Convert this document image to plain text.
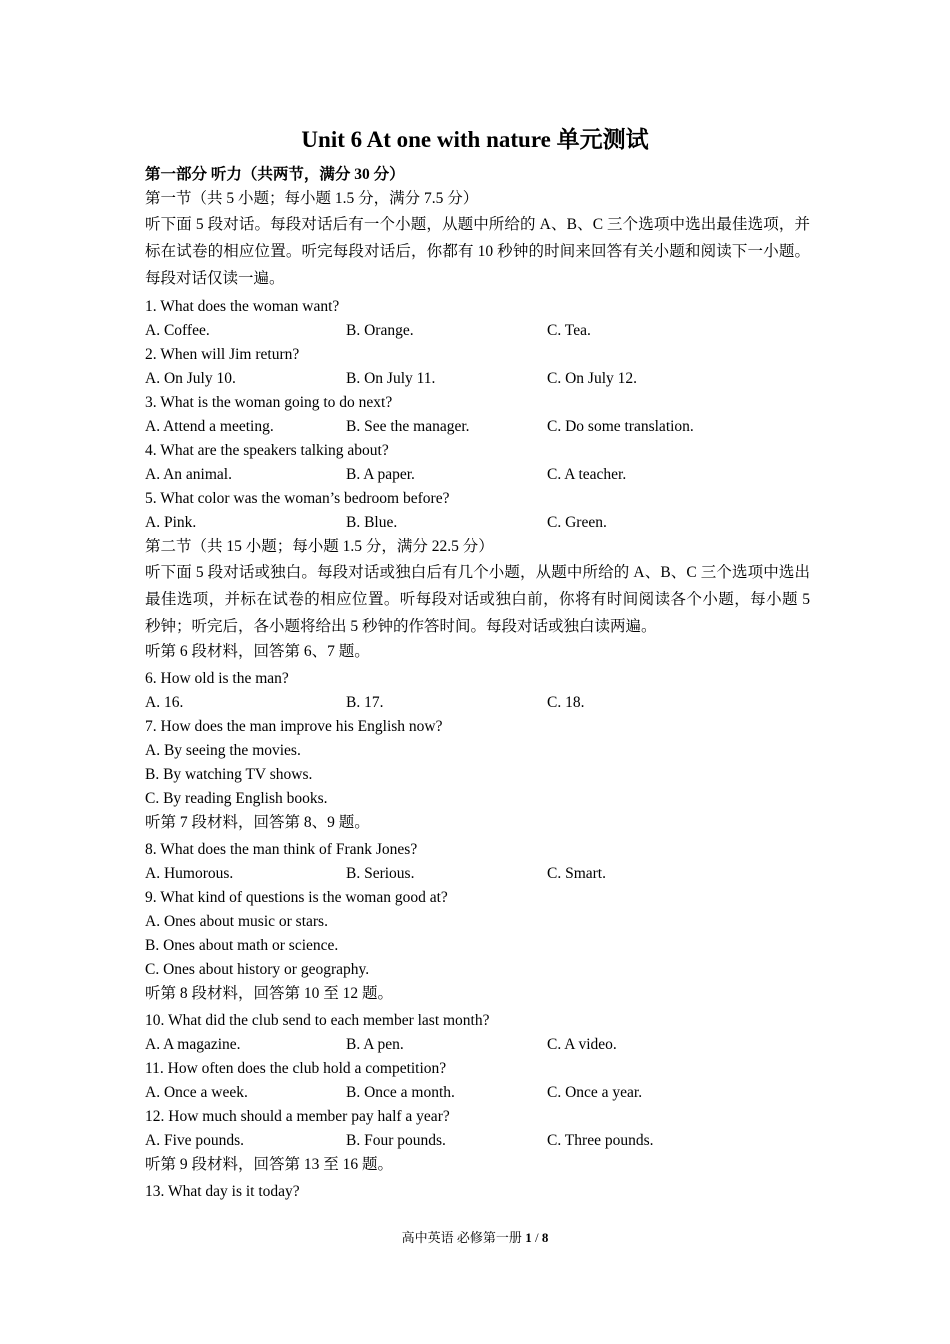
Unit 6 At one with nature 单元测试
第一部分 听力（共两节，满分 30 分）
第一节（共 5 小题；每小题 1.5 分，满分 7.5 分）
听下面 5 段对话。每段对话后有一个小题，从题中所给的 A、B、C 三个选项中选出最佳选项，并标在试卷的相应位置。听完每段对话后，你都有 10 秒钟的时间来回答有关小题和阅读下一小题。每段对话仅读一遍。
1. What does the woman want?
A. Coffee.	B. Orange.	C. Tea.
2. When will Jim return?
A. On July 10.	B. On July 11.	C. On July 12.
3. What is the woman going to do next?
A. Attend a meeting.	B. See the manager.	C. Do some translation.
4. What are the speakers talking about?
A. An animal.	B. A paper.	C. A teacher.
5. What color was the woman’s bedroom before?
A. Pink.	B. Blue.	C. Green.
第二节（共 15 小题；每小题 1.5 分，满分 22.5 分）
听下面 5 段对话或独白。每段对话或独白后有几个小题，从题中所给的 A、B、C 三个选项中选出最佳选项，并标在试卷的相应位置。听每段对话或独白前，你将有时间阅读各个小题，每小题 5 秒钟；听完后，各小题将给出 5 秒钟的作答时间。每段对话或独白读两遍。
听第 6 段材料，回答第 6、7 题。
6. How old is the man?
A. 16.	B. 17.	C. 18.
7. How does the man improve his English now?
A. By seeing the movies.
B. By watching TV shows.
C. By reading English books.
听第 7 段材料，回答第 8、9 题。
8. What does the man think of Frank Jones?
A. Humorous.	B. Serious.	C. Smart.
9. What kind of questions is the woman good at?
A. Ones about music or stars.
B. Ones about math or science.
C. Ones about history or geography.
听第 8 段材料，回答第 10 至 12 题。
10. What did the club send to each member last month?
A. A magazine.	B. A pen.	C. A video.
11. How often does the club hold a competition?
A. Once a week.	B. Once a month.	C. Once a year.
12. How much should a member pay half a year?
A. Five pounds.	B. Four pounds.	C. Three pounds.
听第 9 段材料，回答第 13 至 16 题。
13. What day is it today?
高中英语 必修第一册 1 / 8
